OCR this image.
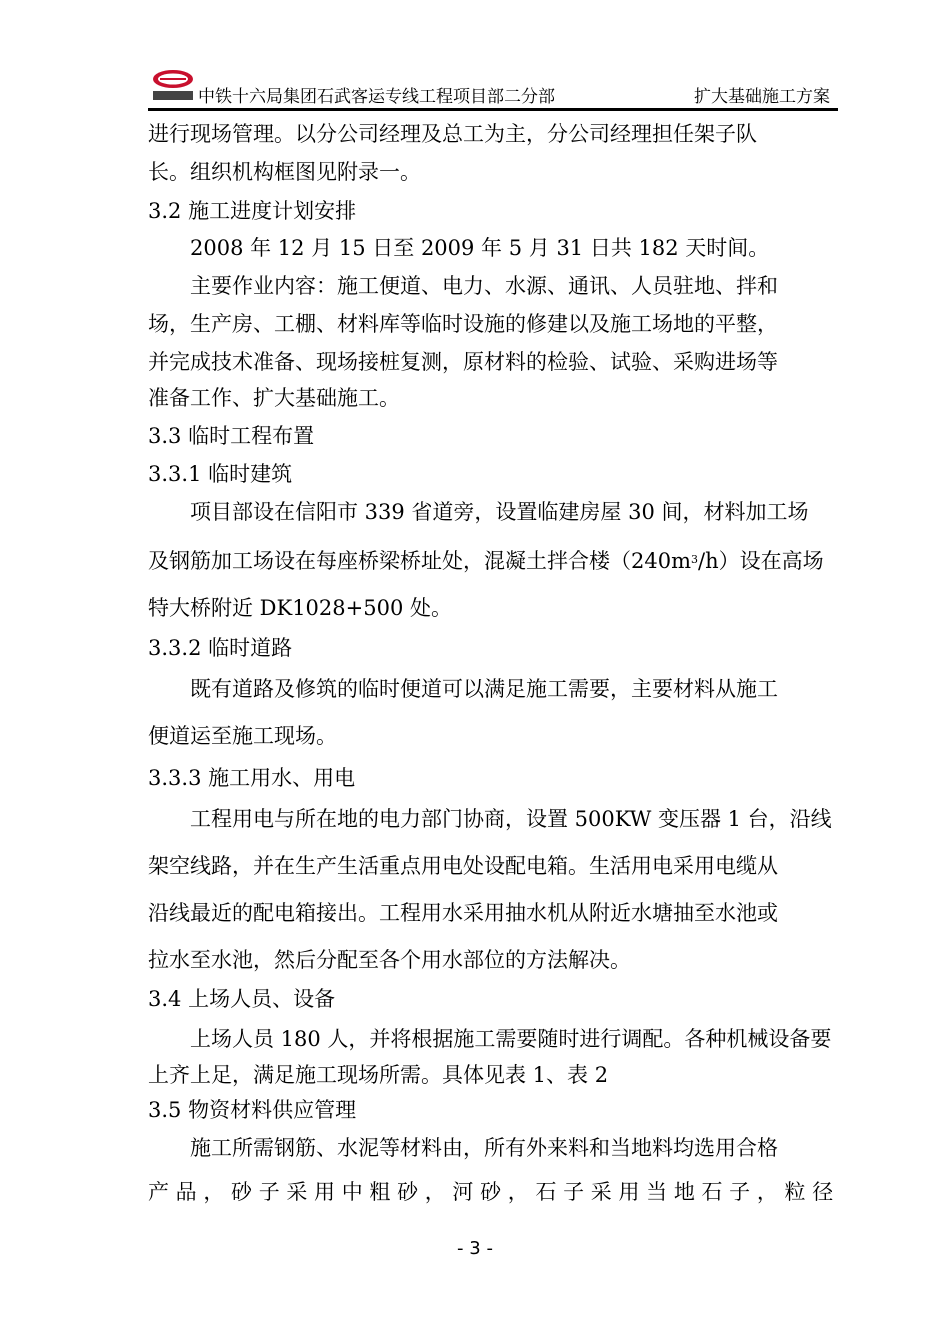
中铁十六局集团石武客运专线工程项目部二分部	扩大基础施工方案
进行现场管理。以分公司经理及总工为主，分公司经理担任架子队
长。组织机构框图见附录一。
3.2 施工进度计划安排
2008 年 12 月 15 日至 2009 年 5 月 31 日共 182 天时间。
主要作业内容：施工便道、电力、水源、通讯、人员驻地、拌和
场，生产房、工棚、材料库等临时设施的修建以及施工场地的平整，
并完成技术准备、现场接桩复测，原材料的检验、试验、采购进场等
准备工作、扩大基础施工。
3.3 临时工程布置
3.3.1 临时建筑
项目部设在信阳市 339 省道旁，设置临建房屋 30 间，材料加工场
及钢筋加工场设在每座桥梁桥址处，混凝土拌合楼$(240m^3/h)$设在高场
特大桥附近 DK1028+500 处。
3.3.2 临时道路
既有道路及修筑的临时便道可以满足施工需要，主要材料从施工
便道运至施工现场。
3.3.3 施工用水、用电
工程用电与所在地的电力部门协商，设置 500KW 变压器 1 台，沿线
架空线路，并在生产生活重点用电处设配电箱。生活用电采用电缆从
沿线最近的配电箱接出。工程用水采用抽水机从附近水塘抽至水池或
拉水至水池，然后分配至各个用水部位的方法解决。
3.4 上场人员、设备
上场人员 180 人，并将根据施工需要随时进行调配。各种机械设备要
上齐上足，满足施工现场所需。具体见表 1、表 2
3.5 物资材料供应管理
施工所需钢筋、水泥等材料由，所有外来料和当地料均选用合格
产 品 ， 砂 子 采 用 中 粗 砂 ， 河 砂 ， 石 子 采 用 当 地 石 子 ， 粒 径
- 3 -
